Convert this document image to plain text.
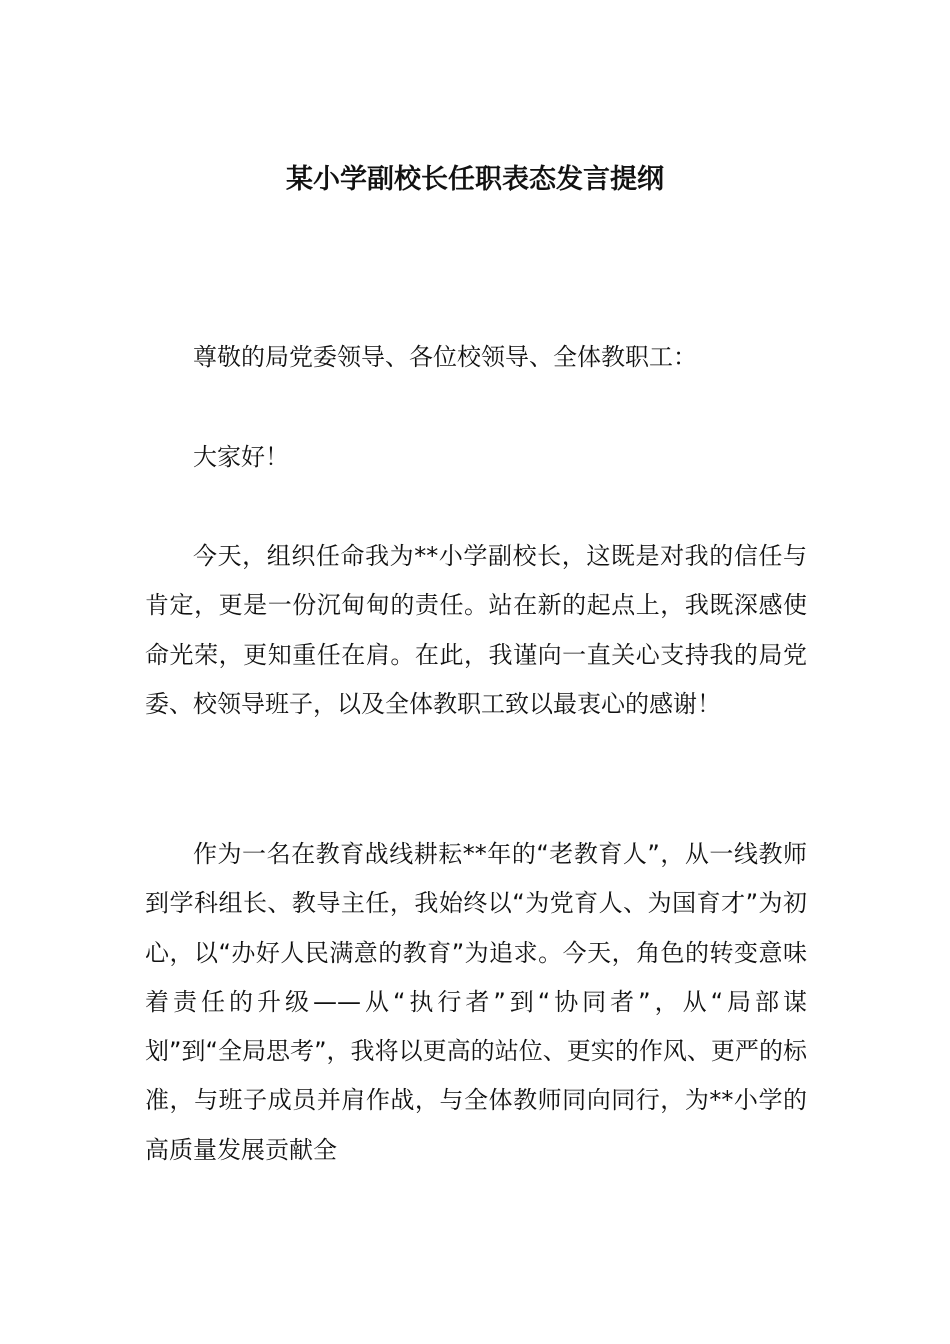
某小学副校长任职表态发言提纲

尊敬的局党委领导、各位校领导、全体教职工：

大家好！

今天，组织任命我为**小学副校长，这既是对我的信任与肯定，更是一份沉甸甸的责任。站在新的起点上，我既深感使命光荣，更知重任在肩。在此，我谨向一直关心支持我的局党委、校领导班子，以及全体教职工致以最衷心的感谢！

作为一名在教育战线耕耘**年的“老教育人”，从一线教师到学科组长、教导主任，我始终以“为党育人、为国育才”为初心，以“办好人民满意的教育”为追求。今天，角色的转变意味着责任的升级——从“执行者”到“协同者”，从“局部谋划”到“全局思考”，我将以更高的站位、更实的作风、更严的标准，与班子成员并肩作战，与全体教师同向同行，为**小学的高质量发展贡献全
